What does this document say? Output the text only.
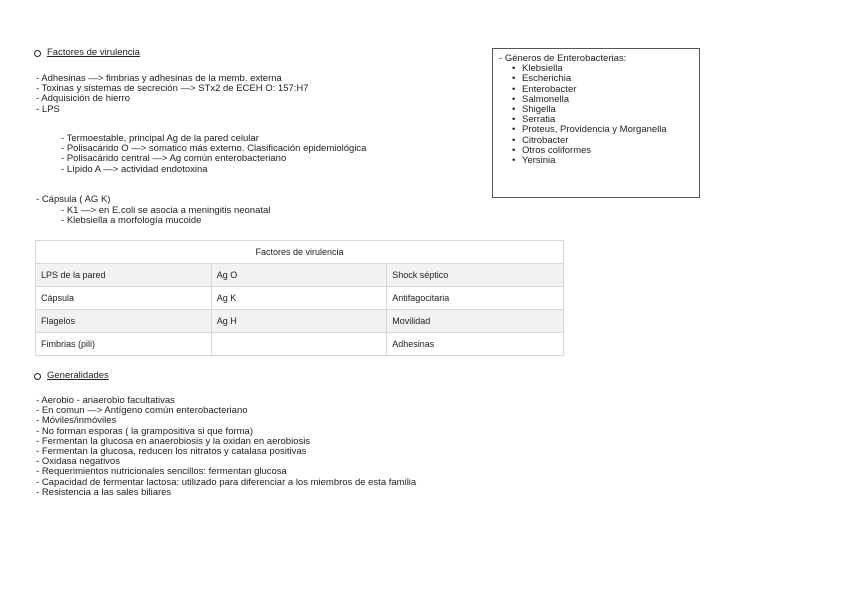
Factores de virulencia
- Adhesinas —> fimbrias y adhesinas de la memb. externa
- Toxinas y sistemas de secreción —> STx2 de ECEH O: 157:H7
- Adquisición de hierro
- LPS
- Termoestable, principal Ag de la pared celular
- Polisacárido O —> somatico más externo. Clasificación epidemiológica
- Polisacárido central —> Ag común enterobacteriano
- Lípido A —> actividad endotoxina
- Cápsula ( AG K)
- K1 —> en E.coli se asocia a meningitis neonatal
- Klebsiella a morfología mucoide
- Géneros de Enterobacterias:
• Klebsiella
• Escherichia
• Enterobacter
• Salmonella
• Shigella
• Serratia
• Proteus, Providencia y Morganella
• Citrobacter
• Otros coliformes
• Yersinia
Factores de virulencia		
LPS de la pared	Ag O	Shock séptico
Cápsula	Ag K	Antifagocitaria
Flagelos	Ag H	Movilidad
Fimbrias (pili)		Adhesinas
Generalidades
- Aerobio - anaerobio facultativas
- En comun —> Antígeno común enterobacteriano
- Móviles/inmóviles
- No forman esporas ( la grampositiva si que forma)
- Fermentan la glucosa en anaerobiosis y la oxidan en aerobiosis
- Fermentan la glucosa, reducen los nitratos y catalasa positivas
- Oxidasa negativos
- Requerimientos nutricionales sencillos: fermentan glucosa
- Capacidad de fermentar lactosa: utilizado para diferenciar a los miembros de esta familia
- Resistencia a las sales biliares
